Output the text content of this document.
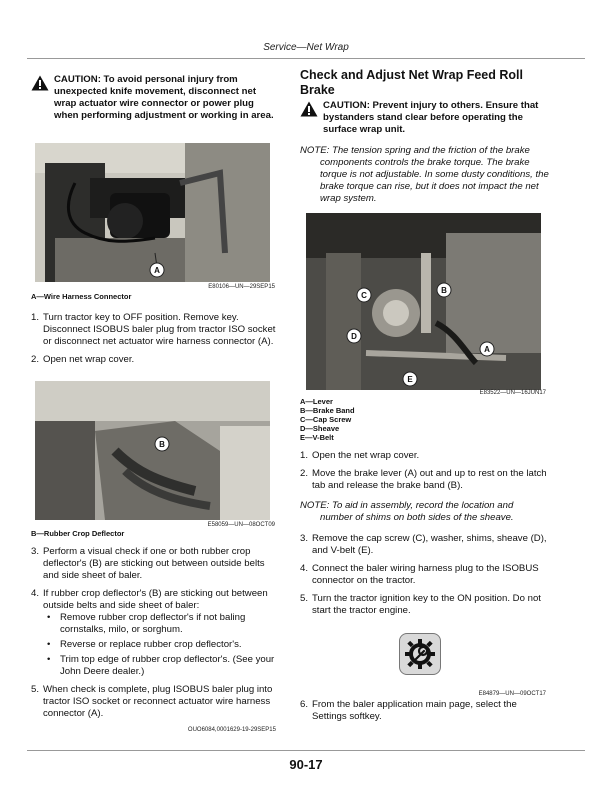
Service—Net Wrap
CAUTION: To avoid personal injury from unexpected knife movement, disconnect net wrap actuator wire connector or power plug when performing adjustment or working in area.
A
E80106—UN—29SEP15
A—Wire Harness Connector
1. Turn tractor key to OFF position. Remove key. Disconnect ISOBUS baler plug from tractor ISO socket or disconnect net actuator wire harness connector (A).
2. Open net wrap cover.
B
E58059—UN—08OCT09
B—Rubber Crop Deflector
3. Perform a visual check if one or both rubber crop deflector's (B) are sticking out between outside belts and side sheet of baler.
4. If rubber crop deflector's (B) are sticking out between outside belts and side sheet of baler:
•	Remove rubber crop deflector's if not baling cornstalks, milo, or sorghum.
•	Reverse or replace rubber crop deflector's.
•	Trim top edge of rubber crop deflector's. (See your John Deere dealer.)
5. When check is complete, plug ISOBUS baler plug into tractor ISO socket or reconnect actuator wire harness connector (A).
OUO6084,0001629-19-29SEP15
Check and Adjust Net Wrap Feed Roll Brake
CAUTION: Prevent injury to others. Ensure that bystanders stand clear before operating the surface wrap unit.
NOTE: The tension spring and the friction of the brake
components controls the brake torque. The brake torque is not adjustable. In some dusty conditions, the brake torque can rise, but it does not impact the net wrap system.
C
B
D
A
E
E83522—UN—16JUN17
A—Lever
B—Brake Band
C—Cap Screw
D—Sheave
E—V-Belt
1. Open the net wrap cover.
2. Move the brake lever (A) out and up to rest on the latch tab and release the brake band (B).
NOTE: To aid in assembly, record the location and
number of shims on both sides of the sheave.
3. Remove the cap screw (C), washer, shims, sheave (D), and V-belt (E).
4. Connect the baler wiring harness plug to the ISOBUS connector on the tractor.
5. Turn the tractor ignition key to the ON position. Do not start the tractor engine.
E84879—UN—09OCT17
6. From the baler application main page, select the Settings softkey.
90-17
